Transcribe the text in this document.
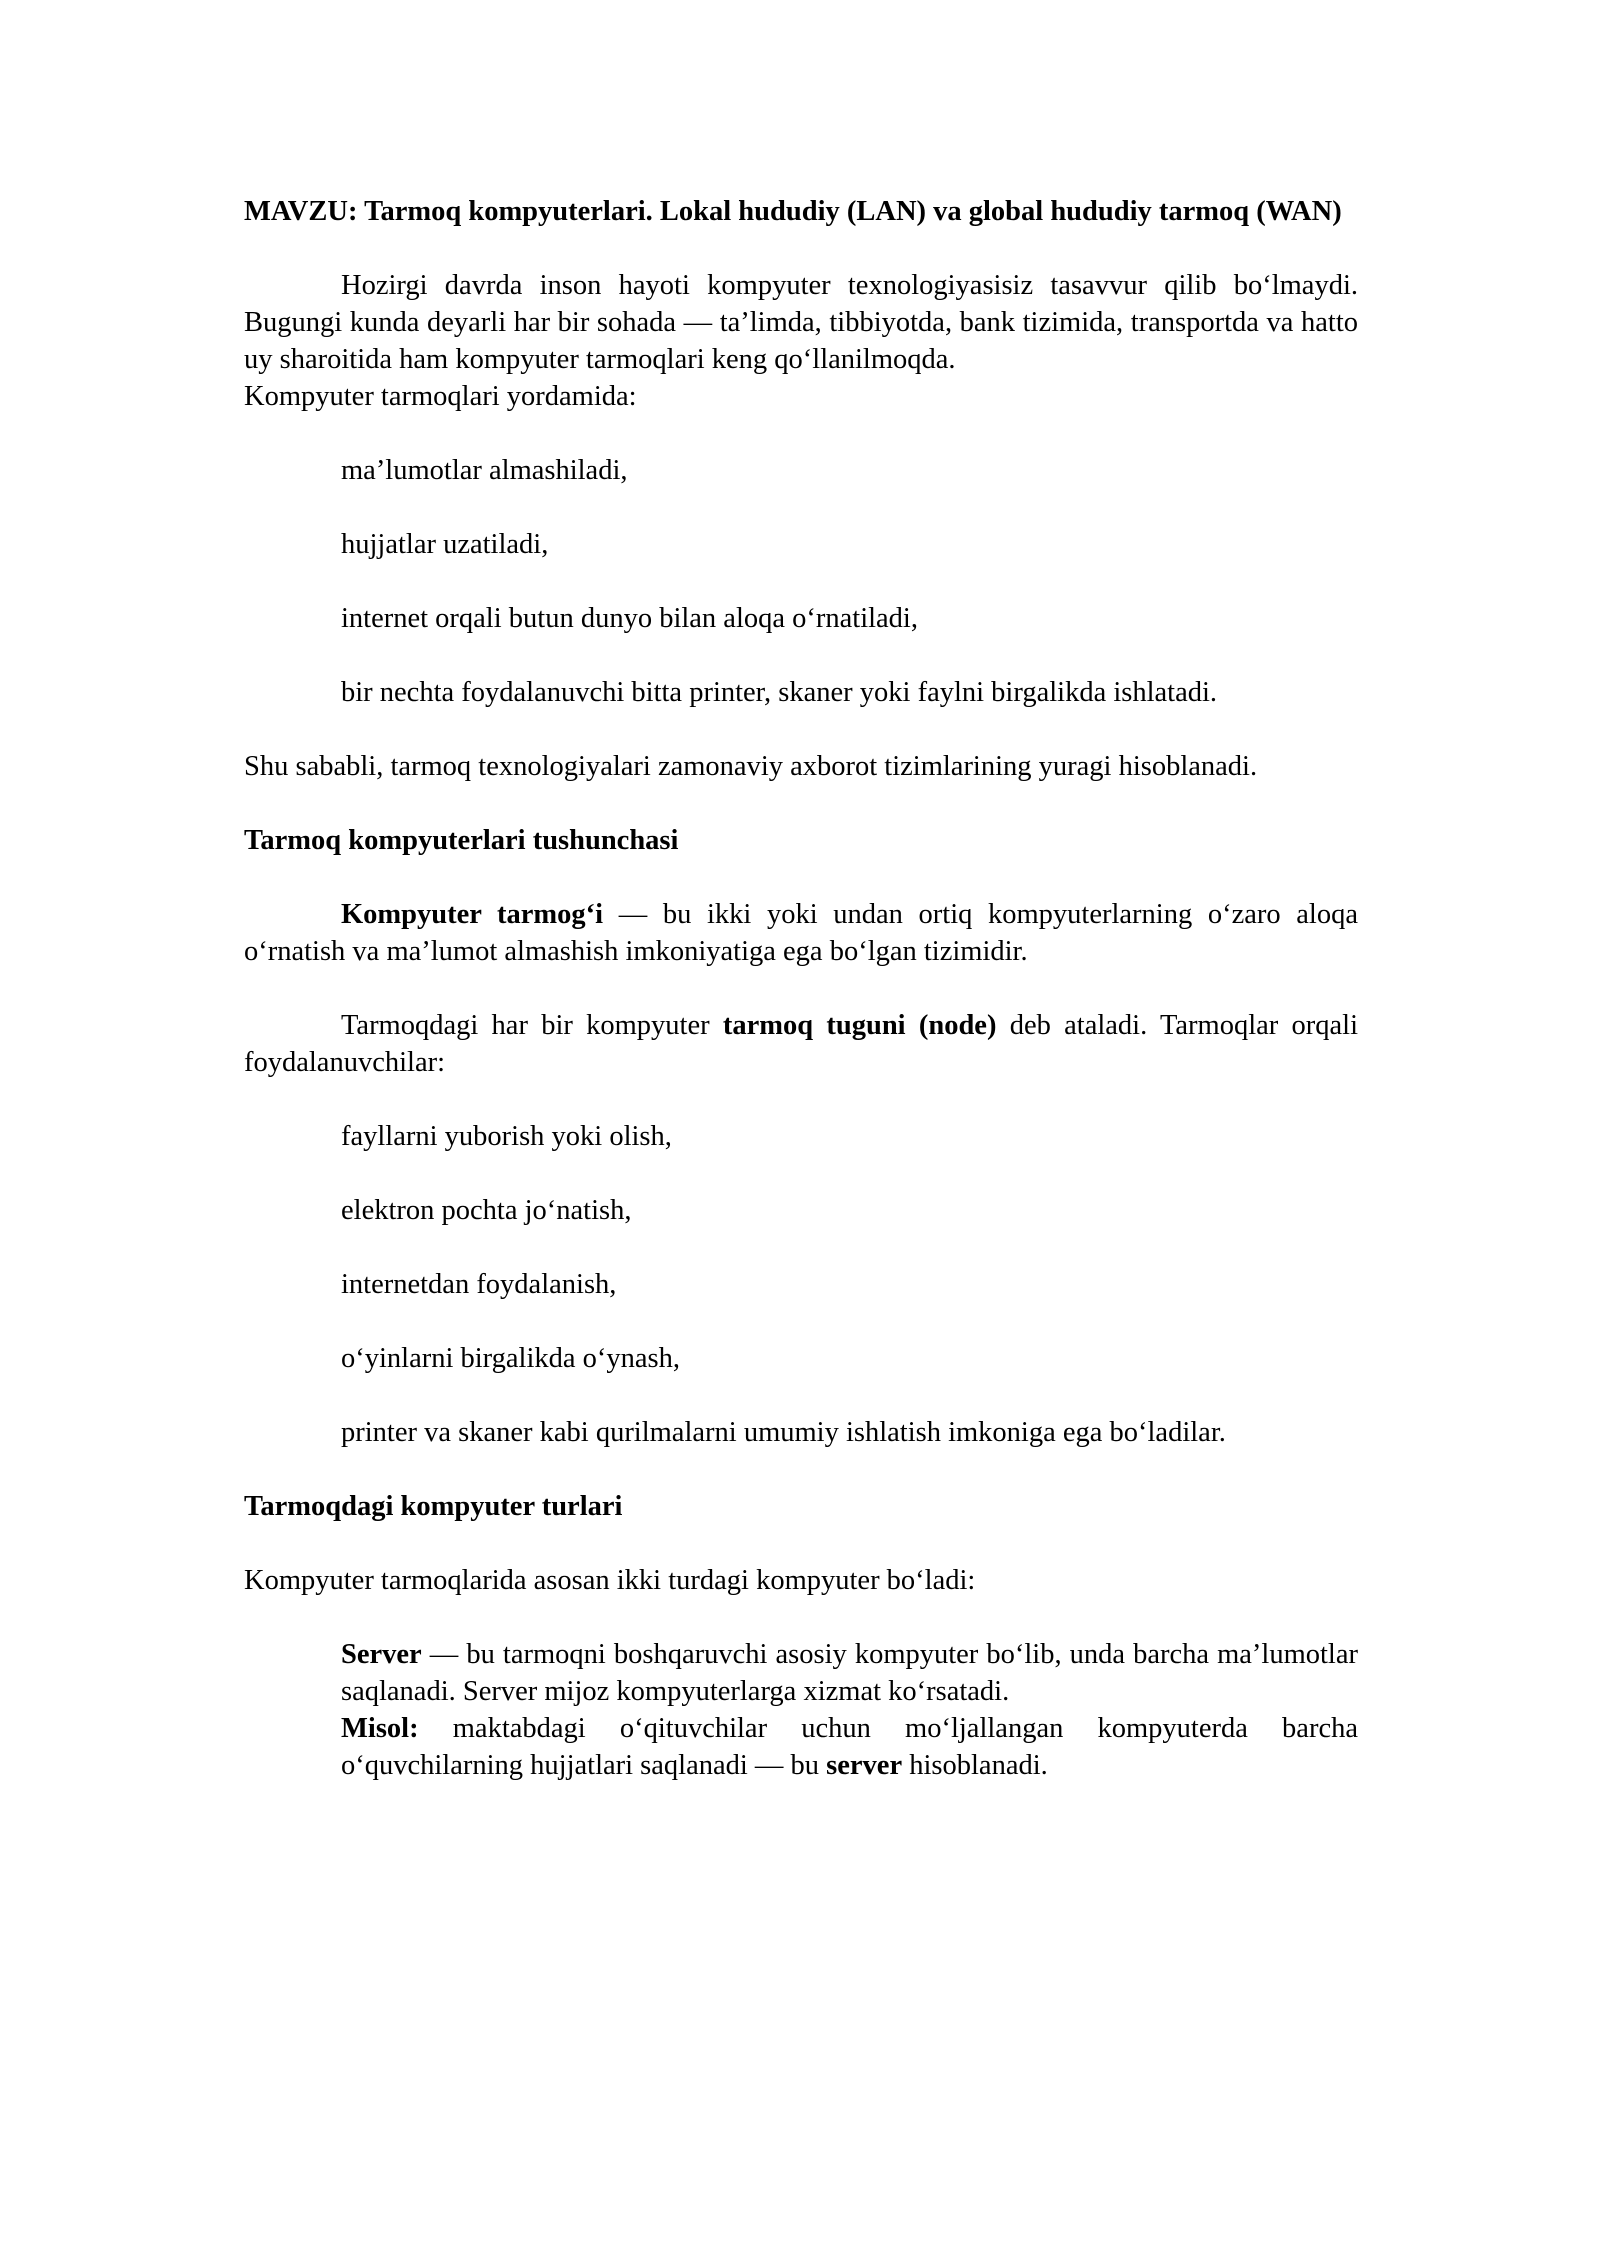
MAVZU: Tarmoq kompyuterlari. Lokal hududiy (LAN) va global hududiy tarmoq (WAN)

Hozirgi davrda inson hayoti kompyuter texnologiyasisiz tasavvur qilib bo‘lmaydi. Bugungi kunda deyarli har bir sohada — ta’limda, tibbiyotda, bank tizimida, transportda va hatto uy sharoitida ham kompyuter tarmoqlari keng qo‘llanilmoqda.

Kompyuter tarmoqlari yordamida:

ma’lumotlar almashiladi,

hujjatlar uzatiladi,

internet orqali butun dunyo bilan aloqa o‘rnatiladi,

bir nechta foydalanuvchi bitta printer, skaner yoki faylni birgalikda ishlatadi.

Shu sababli, tarmoq texnologiyalari zamonaviy axborot tizimlarining yuragi hisoblanadi.

Tarmoq kompyuterlari tushunchasi

Kompyuter tarmog‘i — bu ikki yoki undan ortiq kompyuterlarning o‘zaro aloqa o‘rnatish va ma’lumot almashish imkoniyatiga ega bo‘lgan tizimidir.

Tarmoqdagi har bir kompyuter tarmoq tuguni (node) deb ataladi. Tarmoqlar orqali foydalanuvchilar:

fayllarni yuborish yoki olish,

elektron pochta jo‘natish,

internetdan foydalanish,

o‘yinlarni birgalikda o‘ynash,

printer va skaner kabi qurilmalarni umumiy ishlatish imkoniga ega bo‘ladilar.

Tarmoqdagi kompyuter turlari

Kompyuter tarmoqlarida asosan ikki turdagi kompyuter bo‘ladi:

Server — bu tarmoqni boshqaruvchi asosiy kompyuter bo‘lib, unda barcha ma’lumotlar saqlanadi. Server mijoz kompyuterlarga xizmat ko‘rsatadi.

Misol: maktabdagi o‘qituvchilar uchun mo‘ljallangan kompyuterda barcha o‘quvchilarning hujjatlari saqlanadi — bu server hisoblanadi.
